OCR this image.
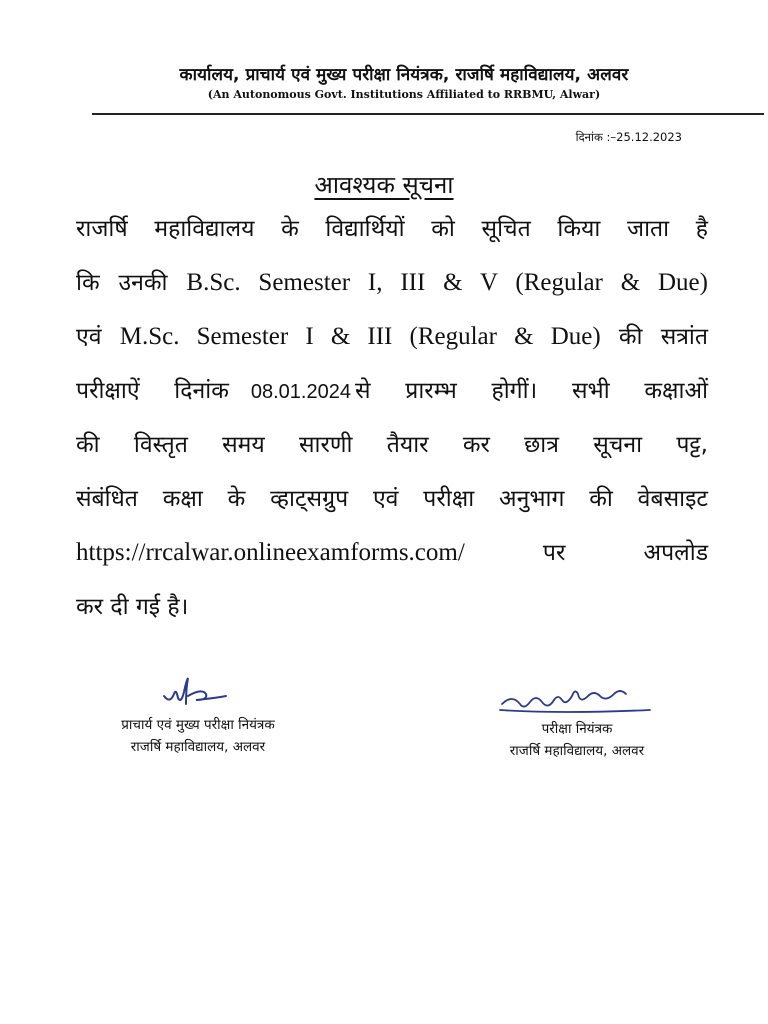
कार्यालय, प्राचार्य एवं मुख्य परीक्षा नियंत्रक, राजर्षि महाविद्यालय, अलवर
(An Autonomous Govt. Institutions Affiliated to RRBMU, Alwar)
दिनांक :–25.12.2023
आवश्यक सूचना
राजर्षि महाविद्यालय के विद्यार्थियों को सूचित किया जाता है
कि उनकी B.Sc. Semester I, III & V (Regular & Due)
एवं M.Sc. Semester I & III (Regular & Due) की सत्रांत
परीक्षाऐं दिनांक 08.01.2024 से प्रारम्भ होगीं। सभी कक्षाओं
की विस्तृत समय सारणी तैयार कर छात्र सूचना पट्ट,
संबंधित कक्षा के व्हाट्सग्रुप एवं परीक्षा अनुभाग की वेबसाइट
https://rrcalwar.onlineexamforms.com/	पर अपलोड
कर दी गई है।
प्राचार्य एवं मुख्य परीक्षा नियंत्रक
राजर्षि महाविद्यालय, अलवर
परीक्षा नियंत्रक
राजर्षि महाविद्यालय, अलवर
